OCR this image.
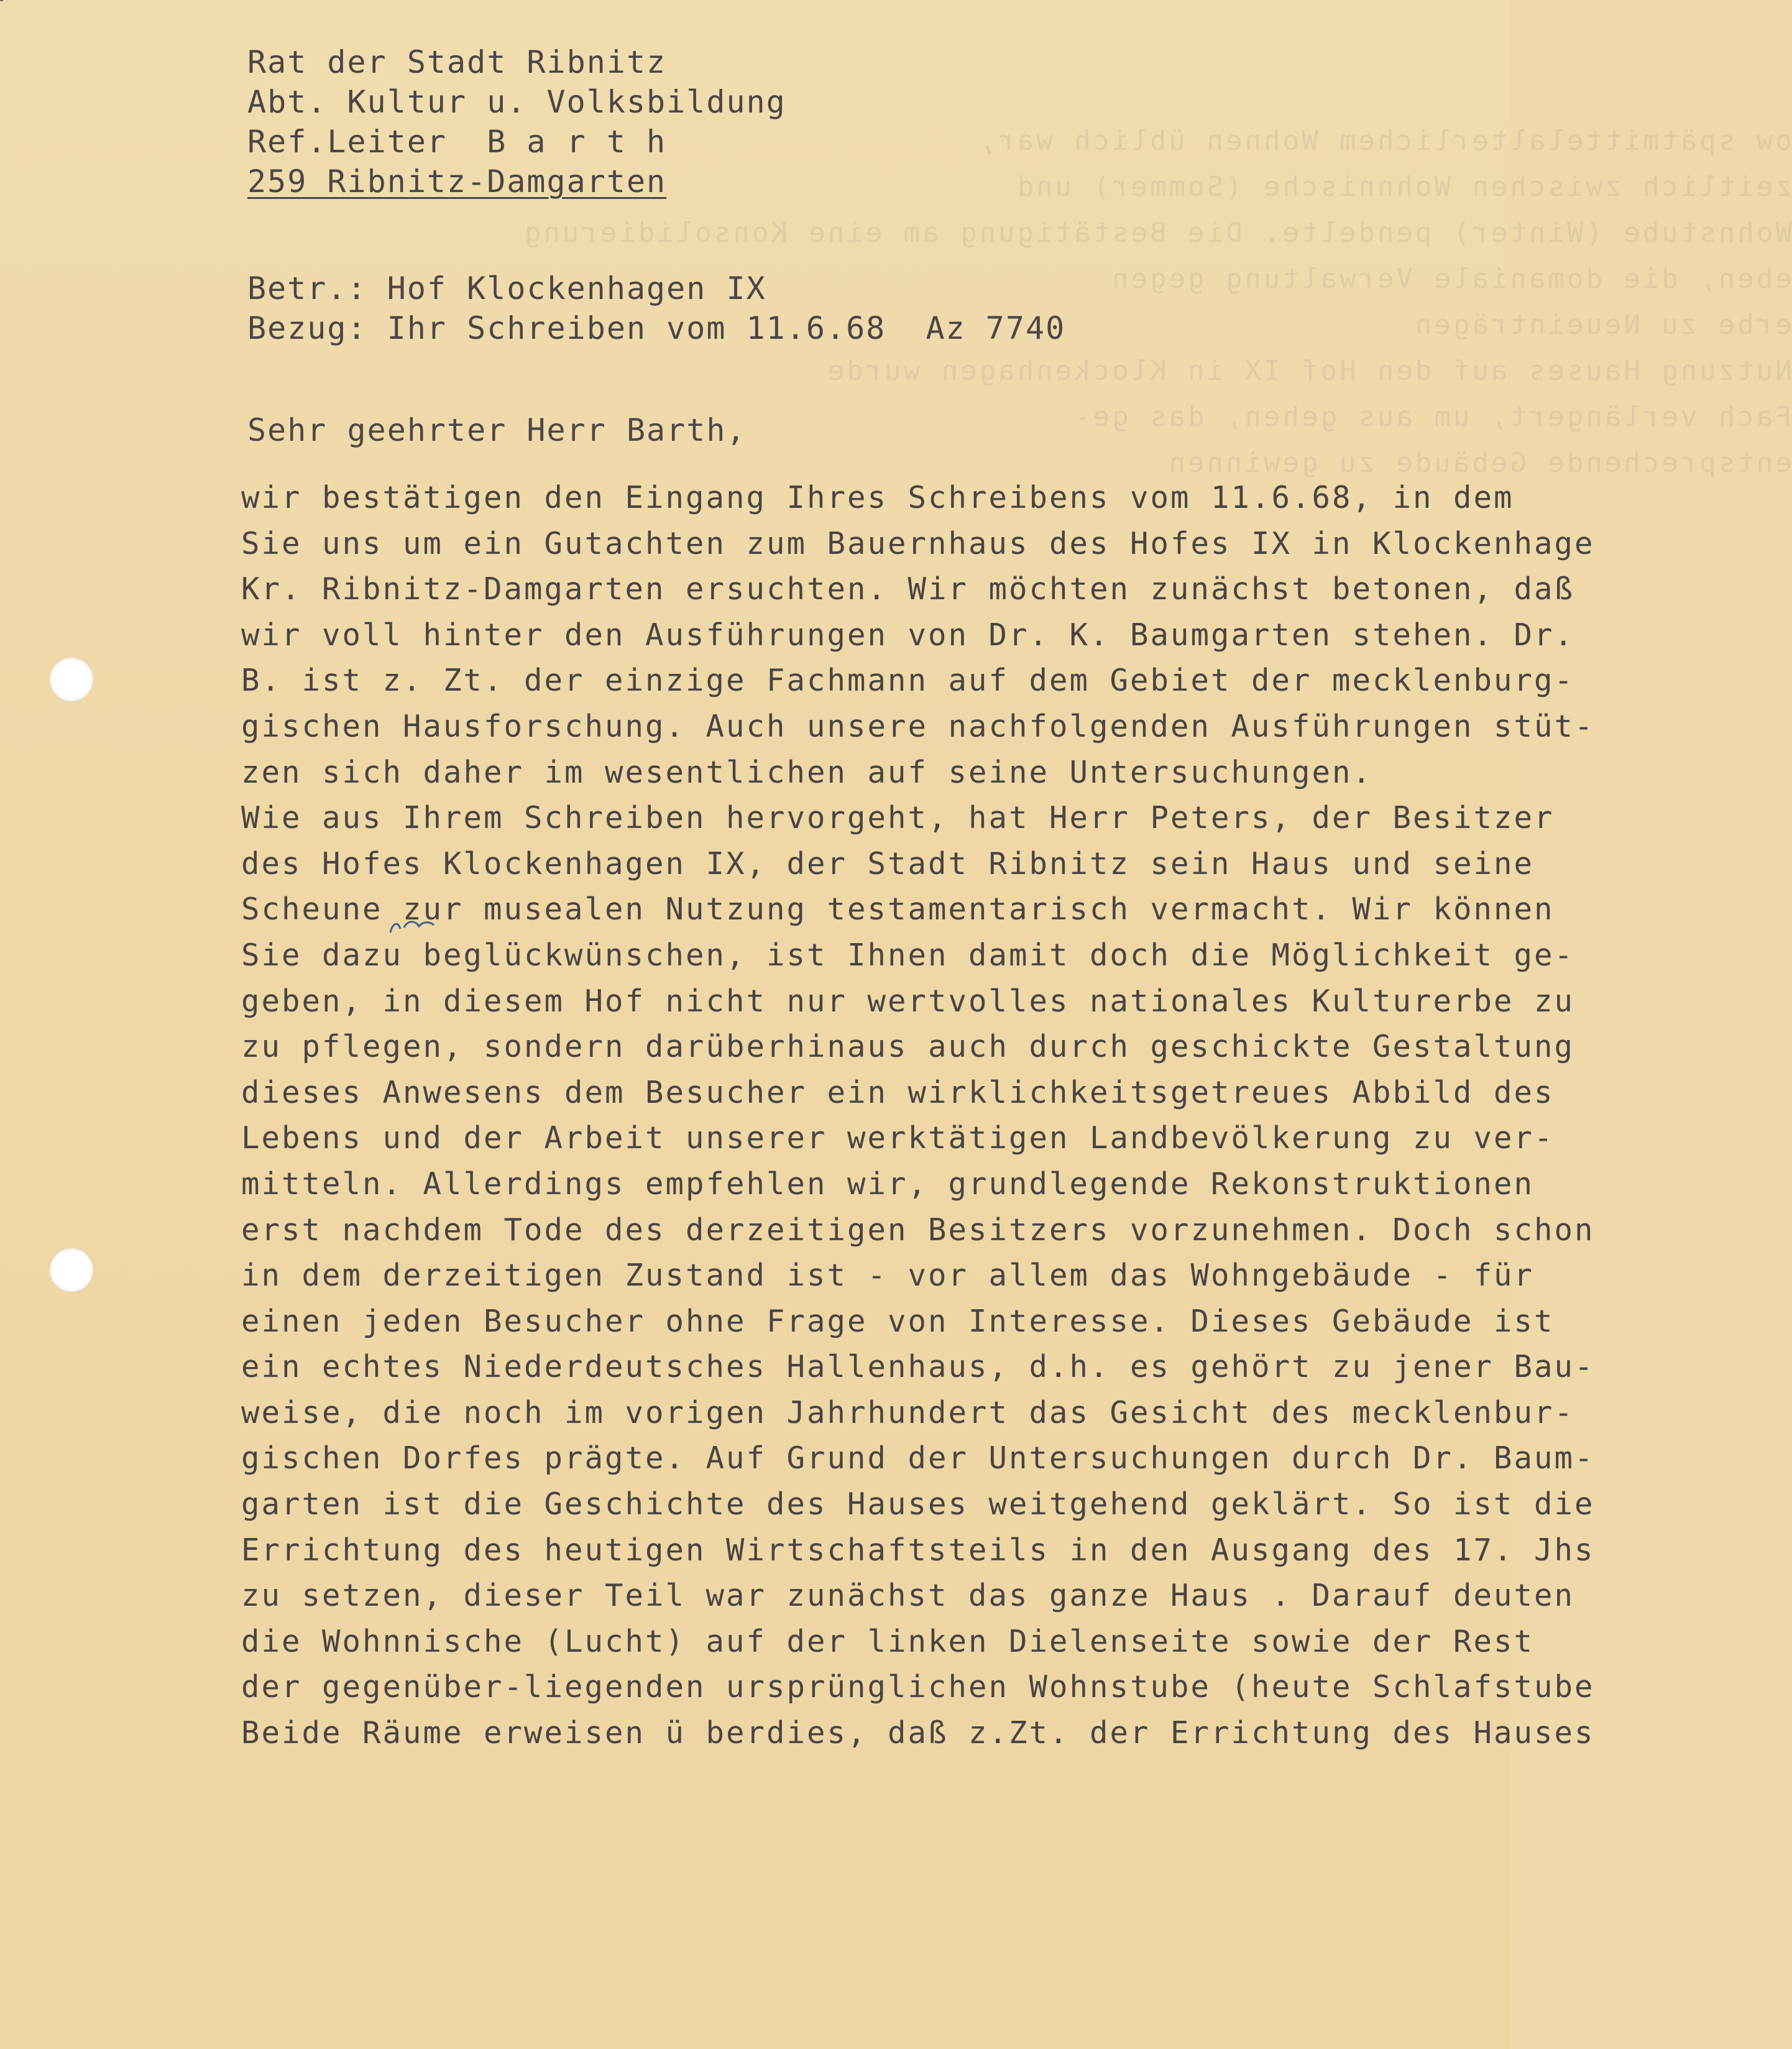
ow spätmittelalterlichem Wohnen üblich war,
zeitlich zwischen Wohnnische (Sommer) und
Wohnstube (Winter) pendelte. Die Bestätigung am eine Konsolidierung
eben, die domaniale Verwaltung gegen
erbe zu Neueinträgen
Nutzung Hauses auf den Hof IX in Klockenhagen wurde
Fach verlängert, um aus gehen, das ge-
entsprechende Gebäude zu gewinnen
Rat der Stadt Ribnitz
Abt. Kultur u. Volksbildung
Ref.Leiter  B a r t h
259 Ribnitz-Damgarten
Betr.: Hof Klockenhagen IX
Bezug: Ihr Schreiben vom 11.6.68  Az 7740
Sehr geehrter Herr Barth,
wir bestätigen den Eingang Ihres Schreibens vom 11.6.68, in dem
Sie uns um ein Gutachten zum Bauernhaus des Hofes IX in Klockenhage
Kr. Ribnitz-Damgarten ersuchten. Wir möchten zunächst betonen, daß
wir voll hinter den Ausführungen von Dr. K. Baumgarten stehen. Dr.
B. ist z. Zt. der einzige Fachmann auf dem Gebiet der mecklenburg-
gischen Hausforschung. Auch unsere nachfolgenden Ausführungen stüt-
zen sich daher im wesentlichen auf seine Untersuchungen.
Wie aus Ihrem Schreiben hervorgeht, hat Herr Peters, der Besitzer
des Hofes Klockenhagen IX, der Stadt Ribnitz sein Haus und seine
Scheune zur musealen Nutzung testamentarisch vermacht. Wir können
Sie dazu beglückwünschen, ist Ihnen damit doch die Möglichkeit ge-
geben, in diesem Hof nicht nur wertvolles nationales Kulturerbe zu
zu pflegen, sondern darüberhinaus auch durch geschickte Gestaltung
dieses Anwesens dem Besucher ein wirklichkeitsgetreues Abbild des
Lebens und der Arbeit unserer werktätigen Landbevölkerung zu ver-
mitteln. Allerdings empfehlen wir, grundlegende Rekonstruktionen
erst nachdem Tode des derzeitigen Besitzers vorzunehmen. Doch schon
in dem derzeitigen Zustand ist - vor allem das Wohngebäude - für
einen jeden Besucher ohne Frage von Interesse. Dieses Gebäude ist
ein echtes Niederdeutsches Hallenhaus, d.h. es gehört zu jener Bau-
weise, die noch im vorigen Jahrhundert das Gesicht des mecklenbur-
gischen Dorfes prägte. Auf Grund der Untersuchungen durch Dr. Baum-
garten ist die Geschichte des Hauses weitgehend geklärt. So ist die
Errichtung des heutigen Wirtschaftsteils in den Ausgang des 17. Jhs
zu setzen, dieser Teil war zunächst das ganze Haus . Darauf deuten
die Wohnnische (Lucht) auf der linken Dielenseite sowie der Rest
der gegenüber-liegenden ursprünglichen Wohnstube (heute Schlafstube
Beide Räume erweisen ü berdies, daß z.Zt. der Errichtung des Hauses
